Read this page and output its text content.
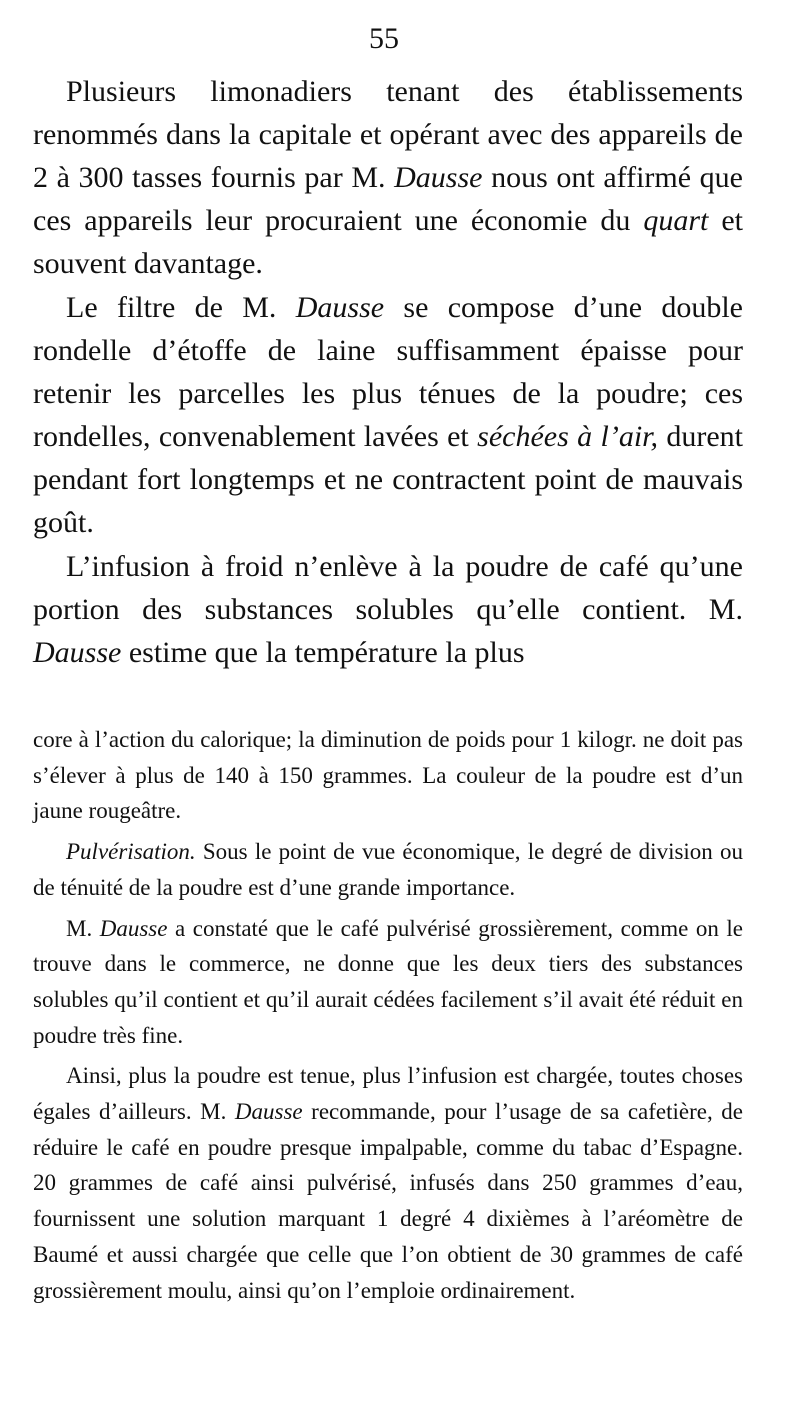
55

Plusieurs limonadiers tenant des établissements renommés dans la capitale et opérant avec des appareils de 2 à 300 tasses fournis par M. Dausse nous ont affirmé que ces appareils leur procuraient une économie du quart et souvent davantage.

Le filtre de M. Dausse se compose d’une double rondelle d’étoffe de laine suffisamment épaisse pour retenir les parcelles les plus ténues de la poudre; ces rondelles, convenablement lavées et séchées à l’air, durent pendant fort longtemps et ne contractent point de mauvais goût.

L’infusion à froid n’enlève à la poudre de café qu’une portion des substances solubles qu’elle contient. M. Dausse estime que la température la plus

core à l’action du calorique; la diminution de poids pour 1 kilogr. ne doit pas s’élever à plus de 140 à 150 grammes. La couleur de la poudre est d’un jaune rougeâtre.

Pulvérisation. Sous le point de vue économique, le degré de division ou de ténuité de la poudre est d’une grande importance.

M. Dausse a constaté que le café pulvérisé grossièrement, comme on le trouve dans le commerce, ne donne que les deux tiers des substances solubles qu’il contient et qu’il aurait cédées facilement s’il avait été réduit en poudre très fine.

Ainsi, plus la poudre est tenue, plus l’infusion est chargée, toutes choses égales d’ailleurs. M. Dausse recommande, pour l’usage de sa cafetière, de réduire le café en poudre presque impalpable, comme du tabac d’Espagne. 20 grammes de café ainsi pulvérisé, infusés dans 250 grammes d’eau, fournissent une solution marquant 1 degré 4 dixièmes à l’aréomètre de Baumé et aussi chargée que celle que l’on obtient de 30 grammes de café grossièrement moulu, ainsi qu’on l’emploie ordinairement.
